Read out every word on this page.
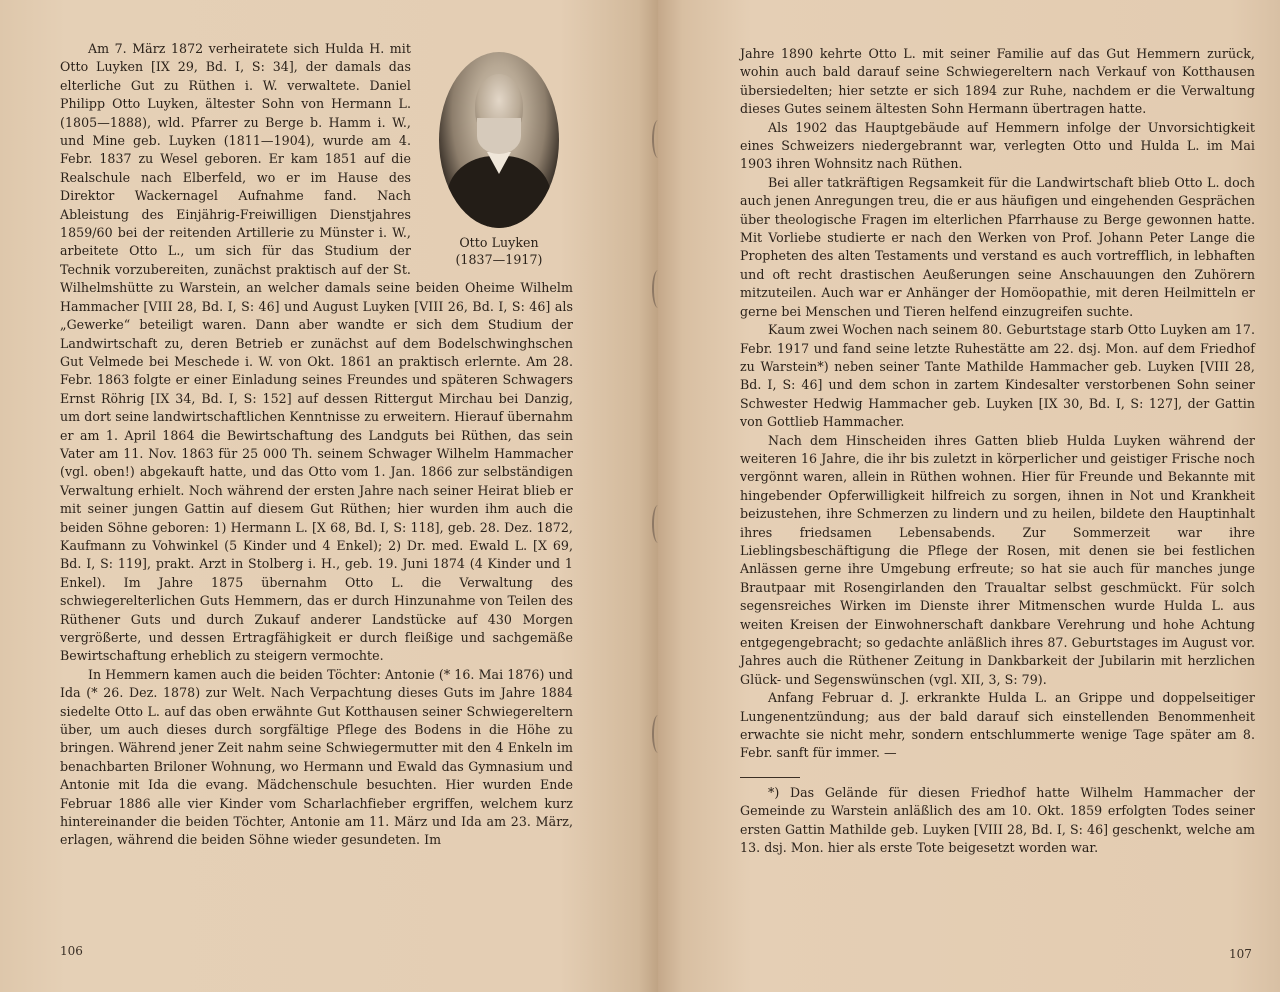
Otto Luyken
(1837—1917)

Am 7. März 1872 verheiratete sich Hulda H. mit Otto Luyken [IX 29, Bd. I, S: 34], der damals das elterliche Gut zu Rüthen i. W. verwaltete. Daniel Philipp Otto Luyken, ältester Sohn von Hermann L. (1805—1888), wld. Pfarrer zu Berge b. Hamm i. W., und Mine geb. Luyken (1811—1904), wurde am 4. Febr. 1837 zu Wesel geboren. Er kam 1851 auf die Realschule nach Elberfeld, wo er im Hause des Direktor Wackernagel Aufnahme fand. Nach Ableistung des Einjährig-Freiwilligen Dienstjahres 1859/60 bei der reitenden Artillerie zu Münster i. W., arbeitete Otto L., um sich für das Studium der Technik vorzubereiten, zunächst praktisch auf der St. Wilhelmshütte zu Warstein, an welcher damals seine beiden Oheime Wilhelm Hammacher [VIII 28, Bd. I, S: 46] und August Luyken [VIII 26, Bd. I, S: 46] als „Gewerke“ beteiligt waren. Dann aber wandte er sich dem Studium der Landwirtschaft zu, deren Betrieb er zunächst auf dem Bodelschwinghschen Gut Velmede bei Meschede i. W. von Okt. 1861 an praktisch erlernte. Am 28. Febr. 1863 folgte er einer Einladung seines Freundes und späteren Schwagers Ernst Röhrig [IX 34, Bd. I, S: 152] auf dessen Rittergut Mirchau bei Danzig, um dort seine landwirtschaftlichen Kenntnisse zu erweitern. Hierauf übernahm er am 1. April 1864 die Bewirtschaftung des Landguts bei Rüthen, das sein Vater am 11. Nov. 1863 für 25 000 Th. seinem Schwager Wilhelm Hammacher (vgl. oben!) abgekauft hatte, und das Otto vom 1. Jan. 1866 zur selbständigen Verwaltung erhielt. Noch während der ersten Jahre nach seiner Heirat blieb er mit seiner jungen Gattin auf diesem Gut Rüthen; hier wurden ihm auch die beiden Söhne geboren: 1) Hermann L. [X 68, Bd. I, S: 118], geb. 28. Dez. 1872, Kaufmann zu Vohwinkel (5 Kinder und 4 Enkel); 2) Dr. med. Ewald L. [X 69, Bd. I, S: 119], prakt. Arzt in Stolberg i. H., geb. 19. Juni 1874 (4 Kinder und 1 Enkel). Im Jahre 1875 übernahm Otto L. die Verwaltung des schwiegerelterlichen Guts Hemmern, das er durch Hinzunahme von Teilen des Rüthener Guts und durch Zukauf anderer Landstücke auf 430 Morgen vergrößerte, und dessen Ertragfähigkeit er durch fleißige und sachgemäße Bewirtschaftung erheblich zu steigern vermochte.

In Hemmern kamen auch die beiden Töchter: Antonie (* 16. Mai 1876) und Ida (* 26. Dez. 1878) zur Welt. Nach Verpachtung dieses Guts im Jahre 1884 siedelte Otto L. auf das oben erwähnte Gut Kotthausen seiner Schwiegereltern über, um auch dieses durch sorgfältige Pflege des Bodens in die Höhe zu bringen. Während jener Zeit nahm seine Schwiegermutter mit den 4 Enkeln im benachbarten Briloner Wohnung, wo Hermann und Ewald das Gymnasium und Antonie mit Ida die evang. Mädchenschule besuchten. Hier wurden Ende Februar 1886 alle vier Kinder vom Scharlachfieber ergriffen, welchem kurz hintereinander die beiden Töchter, Antonie am 11. März und Ida am 23. März, erlagen, während die beiden Söhne wieder gesundeten. Im

106	107

Jahre 1890 kehrte Otto L. mit seiner Familie auf das Gut Hemmern zurück, wohin auch bald darauf seine Schwiegereltern nach Verkauf von Kotthausen übersiedelten; hier setzte er sich 1894 zur Ruhe, nachdem er die Verwaltung dieses Gutes seinem ältesten Sohn Hermann übertragen hatte.

Als 1902 das Hauptgebäude auf Hemmern infolge der Unvorsichtigkeit eines Schweizers niedergebrannt war, verlegten Otto und Hulda L. im Mai 1903 ihren Wohnsitz nach Rüthen.

Bei aller tatkräftigen Regsamkeit für die Landwirtschaft blieb Otto L. doch auch jenen Anregungen treu, die er aus häufigen und eingehenden Gesprächen über theologische Fragen im elterlichen Pfarrhause zu Berge gewonnen hatte. Mit Vorliebe studierte er nach den Werken von Prof. Johann Peter Lange die Propheten des alten Testaments und verstand es auch vortrefflich, in lebhaften und oft recht drastischen Aeußerungen seine Anschauungen den Zuhörern mitzuteilen. Auch war er Anhänger der Homöopathie, mit deren Heilmitteln er gerne bei Menschen und Tieren helfend einzugreifen suchte.

Kaum zwei Wochen nach seinem 80. Geburtstage starb Otto Luyken am 17. Febr. 1917 und fand seine letzte Ruhestätte am 22. dsj. Mon. auf dem Friedhof zu Warstein*) neben seiner Tante Mathilde Hammacher geb. Luyken [VIII 28, Bd. I, S: 46] und dem schon in zartem Kindesalter verstorbenen Sohn seiner Schwester Hedwig Hammacher geb. Luyken [IX 30, Bd. I, S: 127], der Gattin von Gottlieb Hammacher.

Nach dem Hinscheiden ihres Gatten blieb Hulda Luyken während der weiteren 16 Jahre, die ihr bis zuletzt in körperlicher und geistiger Frische noch vergönnt waren, allein in Rüthen wohnen. Hier für Freunde und Bekannte mit hingebender Opferwilligkeit hilfreich zu sorgen, ihnen in Not und Krankheit beizustehen, ihre Schmerzen zu lindern und zu heilen, bildete den Hauptinhalt ihres friedsamen Lebensabends. Zur Sommerzeit war ihre Lieblingsbeschäftigung die Pflege der Rosen, mit denen sie bei festlichen Anlässen gerne ihre Umgebung erfreute; so hat sie auch für manches junge Brautpaar mit Rosengirlanden den Traualtar selbst geschmückt. Für solch segensreiches Wirken im Dienste ihrer Mitmenschen wurde Hulda L. aus weiten Kreisen der Einwohnerschaft dankbare Verehrung und hohe Achtung entgegengebracht; so gedachte anläßlich ihres 87. Geburtstages im August vor. Jahres auch die Rüthener Zeitung in Dankbarkeit der Jubilarin mit herzlichen Glück- und Segenswünschen (vgl. XII, 3, S: 79).

Anfang Februar d. J. erkrankte Hulda L. an Grippe und doppelseitiger Lungenentzündung; aus der bald darauf sich einstellenden Benommenheit erwachte sie nicht mehr, sondern entschlummerte wenige Tage später am 8. Febr. sanft für immer. —

*) Das Gelände für diesen Friedhof hatte Wilhelm Hammacher der Gemeinde zu Warstein anläßlich des am 10. Okt. 1859 erfolgten Todes seiner ersten Gattin Mathilde geb. Luyken [VIII 28, Bd. I, S: 46] geschenkt, welche am 13. dsj. Mon. hier als erste Tote beigesetzt worden war.
